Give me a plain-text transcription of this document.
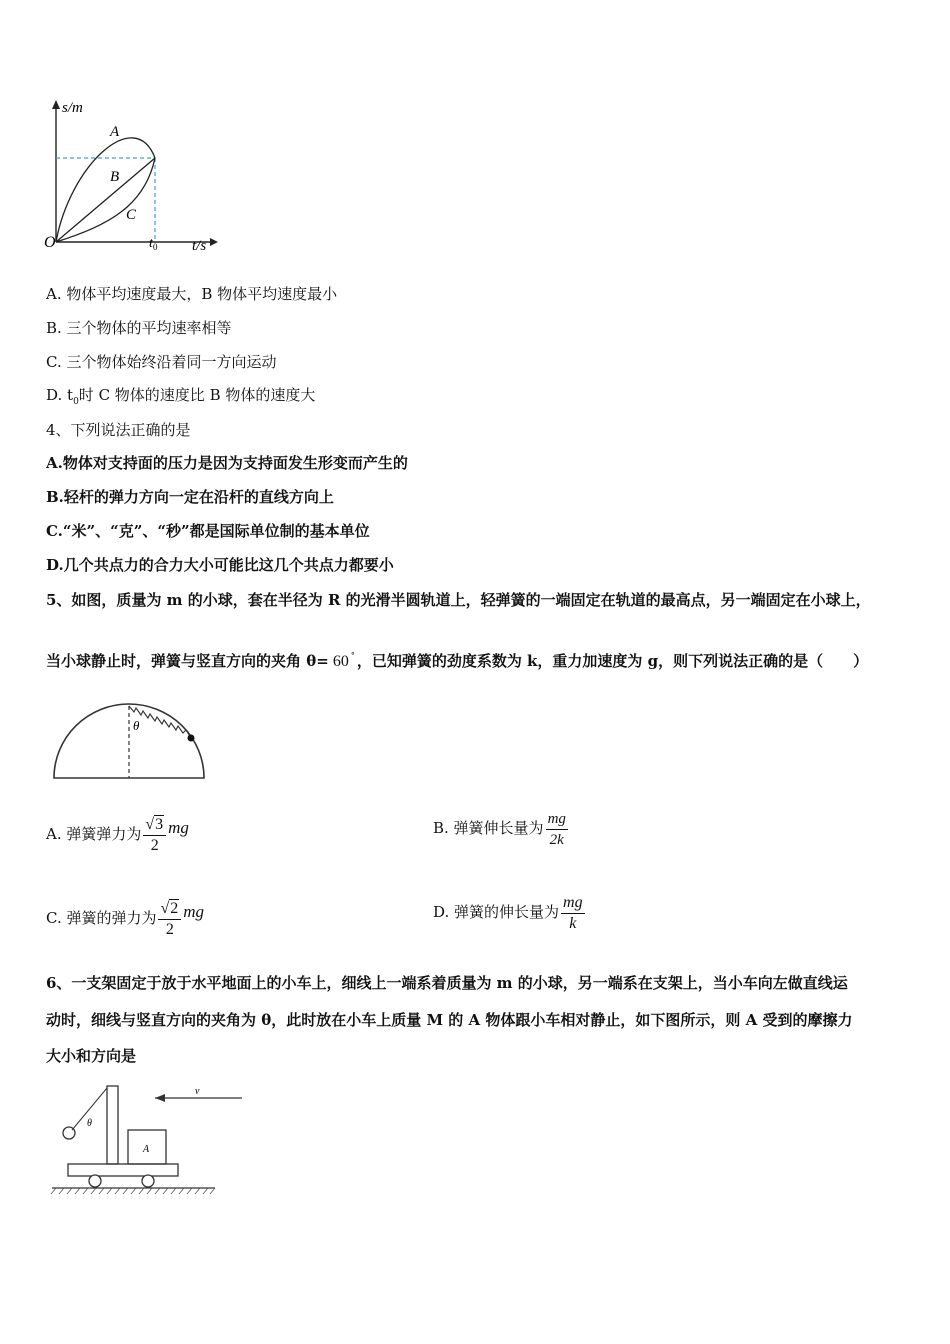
s/m
t/s
O	t 0
A
B
C
A. 物体平均速度最大，B 物体平均速度最小
B. 三个物体的平均速率相等
C. 三个物体始终沿着同一方向运动
D. $t_0$时 C 物体的速度比 B 物体的速度大
4、下列说法正确的是
A.物体对支持面的压力是因为支持面发生形变而产生的
B.轻杆的弹力方向一定在沿杆的直线方向上
C.“米”、“克”、“秒”都是国际单位制的基本单位
D.几个共点力的合力大小可能比这几个共点力都要小
5、如图，质量为 m 的小球，套在半径为 R 的光滑半圆轨道上，轻弹簧的一端固定在轨道的最高点，另一端固定在小球上，
当小球静止时，弹簧与竖直方向的夹角 θ= 60 ° ，已知弹簧的劲度系数为 k，重力加速度为 g，则下列说法正确的是（　　）
θ
A. 弹簧弹力为 $\frac{√3}{2}$ mg	B. 弹簧伸长量为 $\frac{mg}{2k}$
C. 弹簧的弹力为 $\frac{√2}{2}$ mg	D. 弹簧的伸长量为 $\frac{mg}{k}$
6、一支架固定于放于水平地面上的小车上，细线上一端系着质量为 m 的小球，另一端系在支架上，当小车向左做直线运
动时，细线与竖直方向的夹角为 θ，此时放在小车上质量 M 的 A 物体跟小车相对静止，如下图所示，则 A 受到的摩擦力
大小和方向是
v
θ
A
